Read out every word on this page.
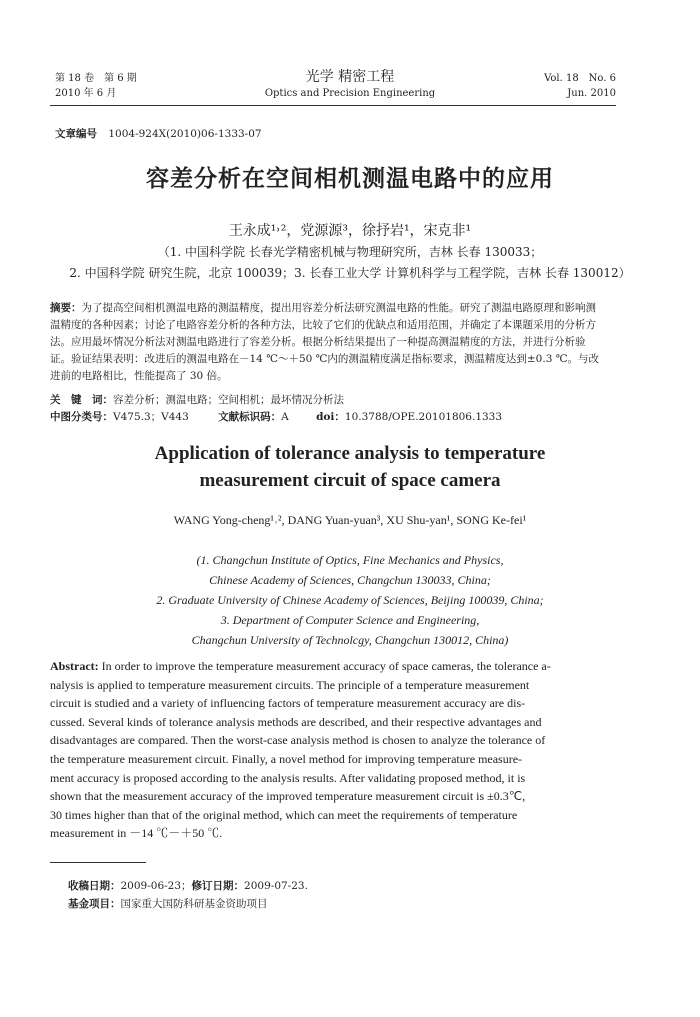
第 18 卷　第 6 期
2010 年 6 月
光学 精密工程
Optics and Precision Engineering
Vol. 18　No. 6
Jun. 2010
文章编号 1004-924X(2010)06-1333-07
容差分析在空间相机测温电路中的应用
王永成¹˒²，党源源³，徐抒岩¹，宋克非¹
（1. 中国科学院 长春光学精密机械与物理研究所，吉林 长春 130033；
2. 中国科学院 研究生院，北京 100039；3. 长春工业大学 计算机科学与工程学院，吉林 长春 130012）
摘要：为了提高空间相机测温电路的测温精度，提出用容差分析法研究测温电路的性能。研究了测温电路原理和影响测
温精度的各种因素；讨论了电路容差分析的各种方法，比较了它们的优缺点和适用范围，并确定了本课题采用的分析方
法。应用最坏情况分析法对测温电路进行了容差分析。根据分析结果提出了一种提高测温精度的方法，并进行分析验
证。验证结果表明：改进后的测温电路在－14 ℃～＋50 ℃内的测温精度满足指标要求，测温精度达到±0.3 ℃。与改
进前的电路相比，性能提高了 30 倍。
关　键　词：容差分析；测温电路；空间相机；最坏情况分析法
中图分类号：V475.3；V443	文献标识码：A	doi：10.3788/OPE.20101806.1333
Application of tolerance analysis to temperature
measurement circuit of space camera
WANG Yong-cheng¹˒², DANG Yuan-yuan³, XU Shu-yan¹, SONG Ke-fei¹
(1. Changchun Institute of Optics, Fine Mechanics and Physics,
Chinese Academy of Sciences, Changchun 130033, China;
2. Graduate University of Chinese Academy of Sciences, Beijing 100039, China;
3. Department of Computer Science and Engineering,
Changchun University of Technolcgy, Changchun 130012, China)
Abstract: In order to improve the temperature measurement accuracy of space cameras, the tolerance a-
nalysis is applied to temperature measurement circuits. The principle of a temperature measurement
circuit is studied and a variety of influencing factors of temperature measurement accuracy are dis-
cussed. Several kinds of tolerance analysis methods are described, and their respective advantages and
disadvantages are compared. Then the worst-case analysis method is chosen to analyze the tolerance of
the temperature measurement circuit. Finally, a novel method for improving temperature measure-
ment accuracy is proposed according to the analysis results. After validating proposed method, it is
shown that the measurement accuracy of the improved temperature measurement circuit is ±0.3℃,
30 times higher than that of the original method, which can meet the requirements of temperature
measurement in －14 ℃－＋50 ℃.
收稿日期：2009-06-23；修订日期：2009-07-23.
基金项目：国家重大国防科研基金资助项目
